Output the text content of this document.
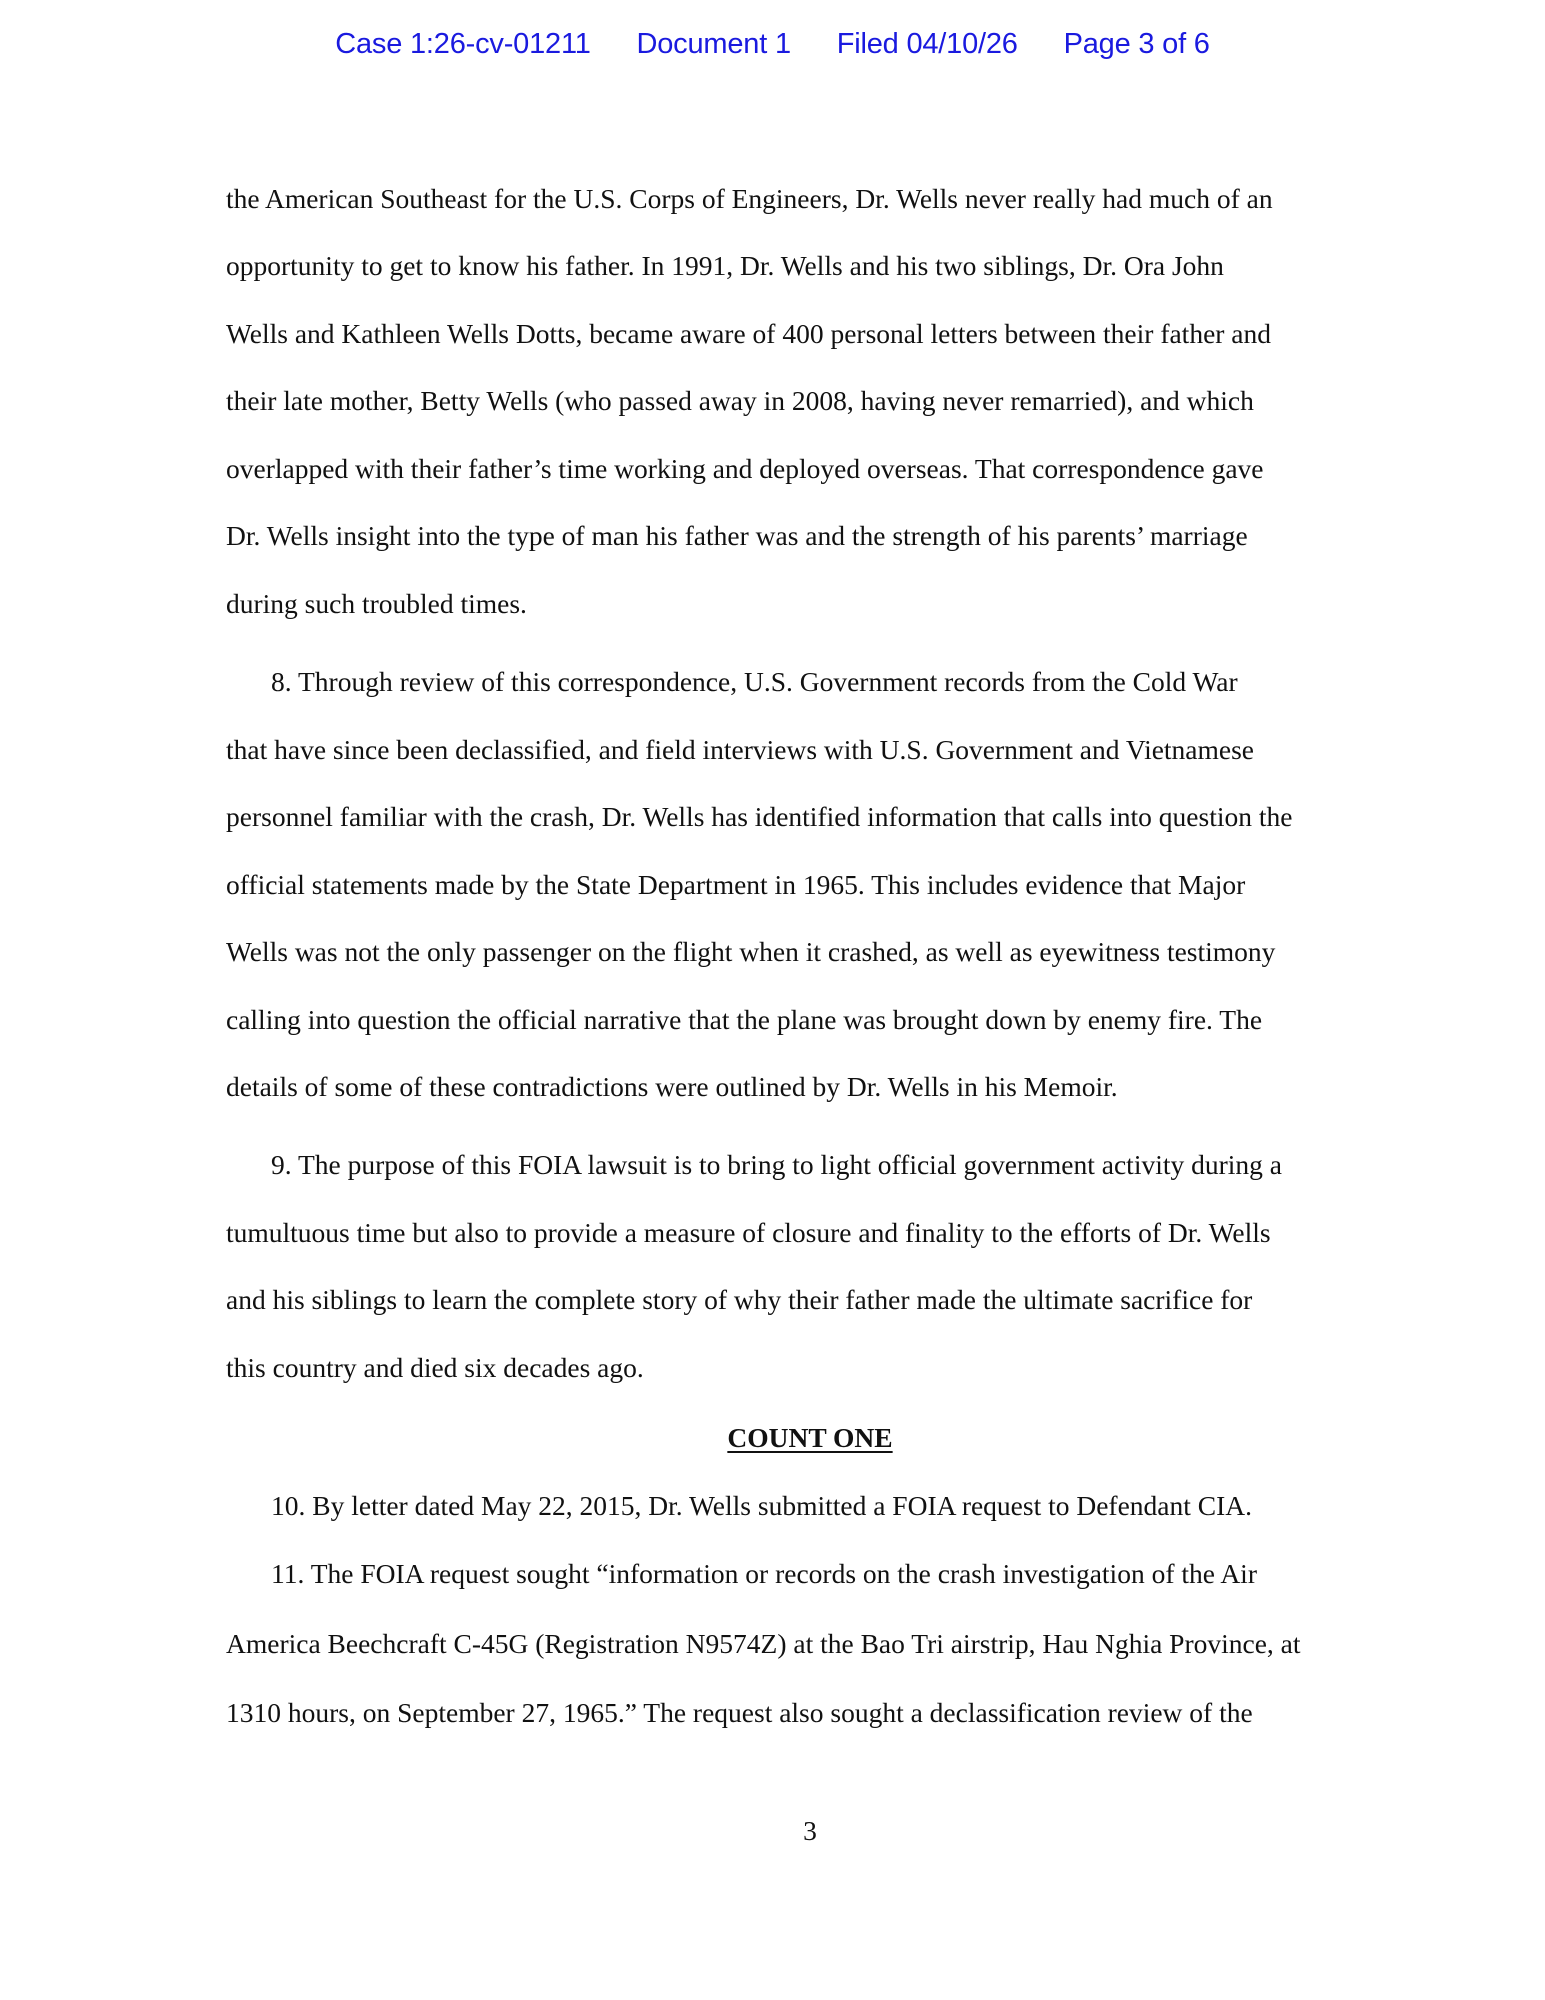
Case 1:26-cv-01211 Document 1 Filed 04/10/26 Page 3 of 6
the American Southeast for the U.S. Corps of Engineers, Dr. Wells never really had much of an
opportunity to get to know his father. In 1991, Dr. Wells and his two siblings, Dr. Ora John
Wells and Kathleen Wells Dotts, became aware of 400 personal letters between their father and
their late mother, Betty Wells (who passed away in 2008, having never remarried), and which
overlapped with their father’s time working and deployed overseas. That correspondence gave
Dr. Wells insight into the type of man his father was and the strength of his parents’ marriage
during such troubled times.
8. Through review of this correspondence, U.S. Government records from the Cold War
that have since been declassified, and field interviews with U.S. Government and Vietnamese
personnel familiar with the crash, Dr. Wells has identified information that calls into question the
official statements made by the State Department in 1965. This includes evidence that Major
Wells was not the only passenger on the flight when it crashed, as well as eyewitness testimony
calling into question the official narrative that the plane was brought down by enemy fire. The
details of some of these contradictions were outlined by Dr. Wells in his Memoir.
9. The purpose of this FOIA lawsuit is to bring to light official government activity during a
tumultuous time but also to provide a measure of closure and finality to the efforts of Dr. Wells
and his siblings to learn the complete story of why their father made the ultimate sacrifice for
this country and died six decades ago.
COUNT ONE
10. By letter dated May 22, 2015, Dr. Wells submitted a FOIA request to Defendant CIA.
11. The FOIA request sought “information or records on the crash investigation of the Air
America Beechcraft C-45G (Registration N9574Z) at the Bao Tri airstrip, Hau Nghia Province, at
1310 hours, on September 27, 1965.” The request also sought a declassification review of the
3
